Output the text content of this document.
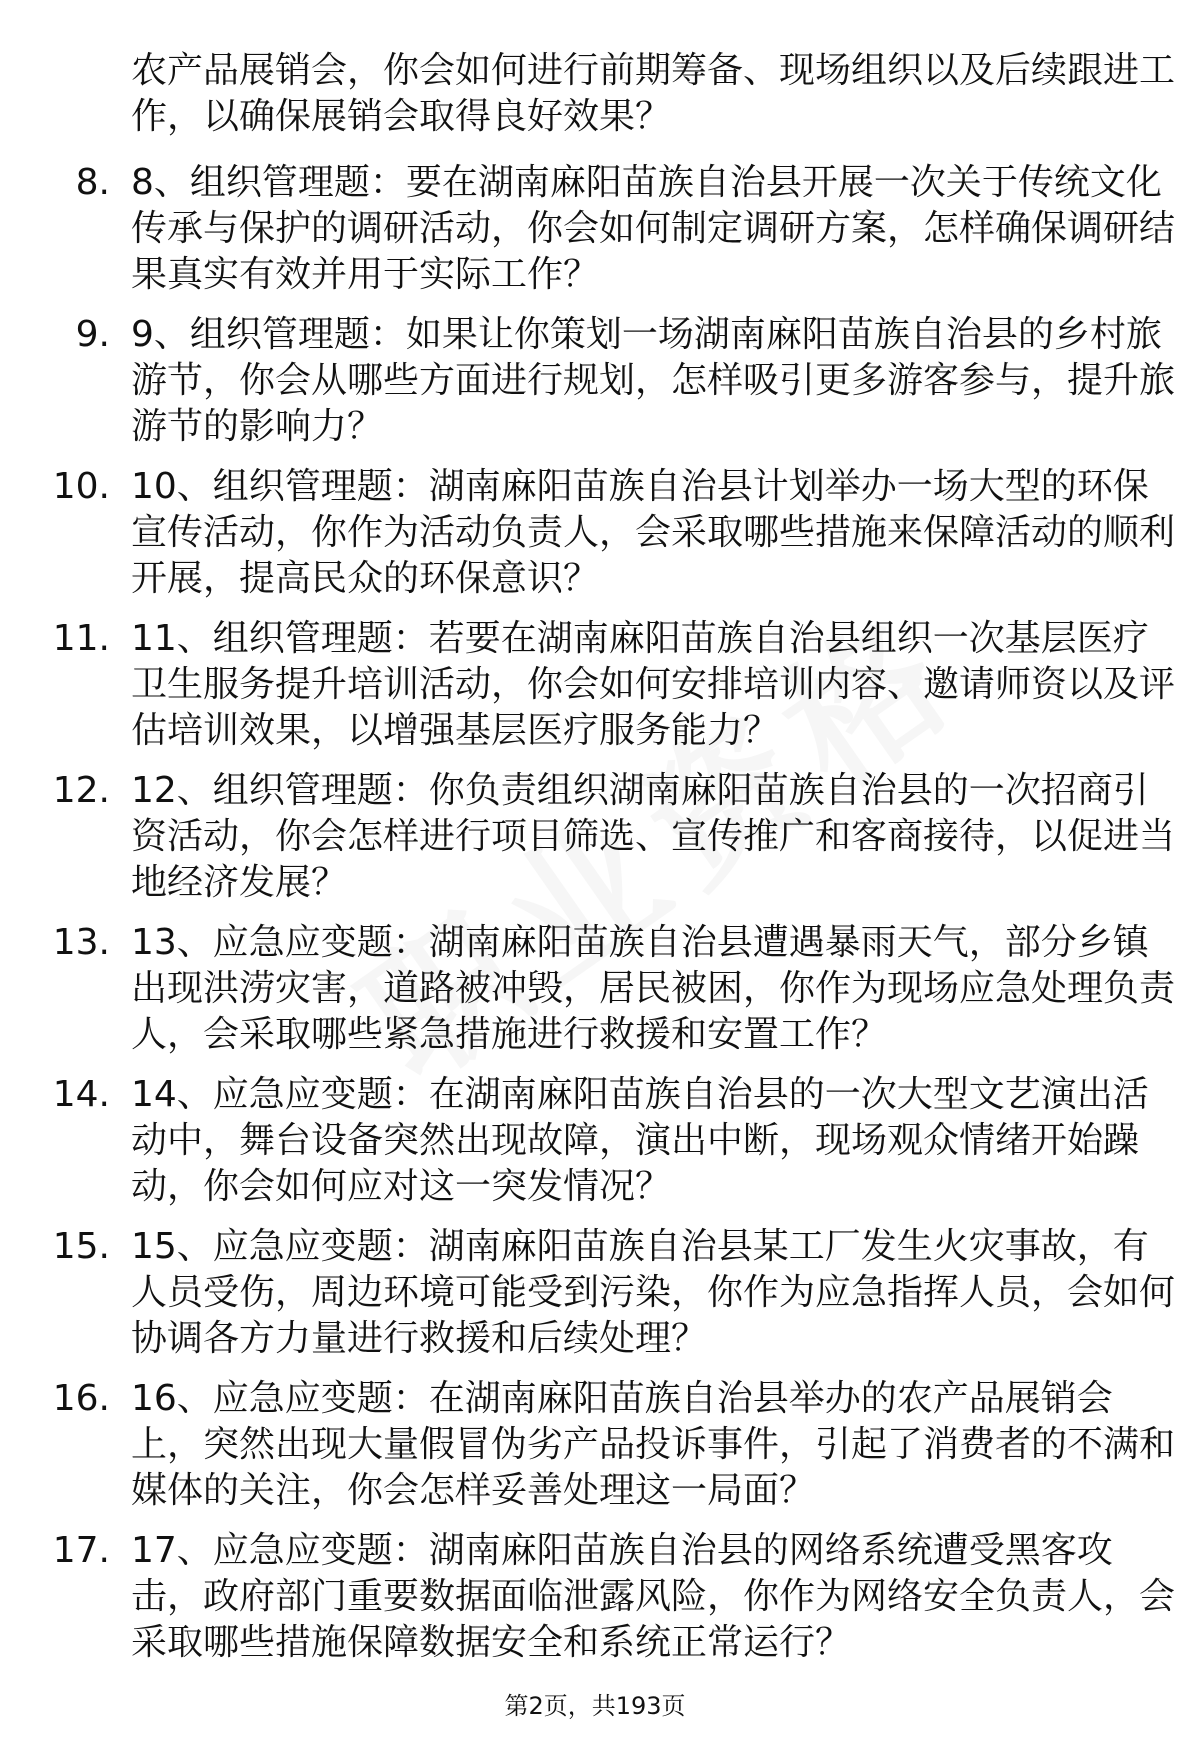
农产品展销会，你会如何进行前期筹备、现场组织以及后续跟进工作，以确保展销会取得良好效果？

8. 8、组织管理题：要在湖南麻阳苗族自治县开展一次关于传统文化传承与保护的调研活动，你会如何制定调研方案，怎样确保调研结果真实有效并用于实际工作？

9. 9、组织管理题：如果让你策划一场湖南麻阳苗族自治县的乡村旅游节，你会从哪些方面进行规划，怎样吸引更多游客参与，提升旅游节的影响力？

10. 10、组织管理题：湖南麻阳苗族自治县计划举办一场大型的环保宣传活动，你作为活动负责人，会采取哪些措施来保障活动的顺利开展，提高民众的环保意识？

11. 11、组织管理题：若要在湖南麻阳苗族自治县组织一次基层医疗卫生服务提升培训活动，你会如何安排培训内容、邀请师资以及评估培训效果，以增强基层医疗服务能力？

12. 12、组织管理题：你负责组织湖南麻阳苗族自治县的一次招商引资活动，你会怎样进行项目筛选、宣传推广和客商接待，以促进当地经济发展？

13. 13、应急应变题：湖南麻阳苗族自治县遭遇暴雨天气，部分乡镇出现洪涝灾害，道路被冲毁，居民被困，你作为现场应急处理负责人，会采取哪些紧急措施进行救援和安置工作？

14. 14、应急应变题：在湖南麻阳苗族自治县的一次大型文艺演出活动中，舞台设备突然出现故障，演出中断，现场观众情绪开始躁动，你会如何应对这一突发情况？

15. 15、应急应变题：湖南麻阳苗族自治县某工厂发生火灾事故，有人员受伤，周边环境可能受到污染，你作为应急指挥人员，会如何协调各方力量进行救援和后续处理？

16. 16、应急应变题：在湖南麻阳苗族自治县举办的农产品展销会上，突然出现大量假冒伪劣产品投诉事件，引起了消费者的不满和媒体的关注，你会怎样妥善处理这一局面？

17. 17、应急应变题：湖南麻阳苗族自治县的网络系统遭受黑客攻击，政府部门重要数据面临泄露风险，你作为网络安全负责人，会采取哪些措施保障数据安全和系统正常运行？

第2页，共193页
